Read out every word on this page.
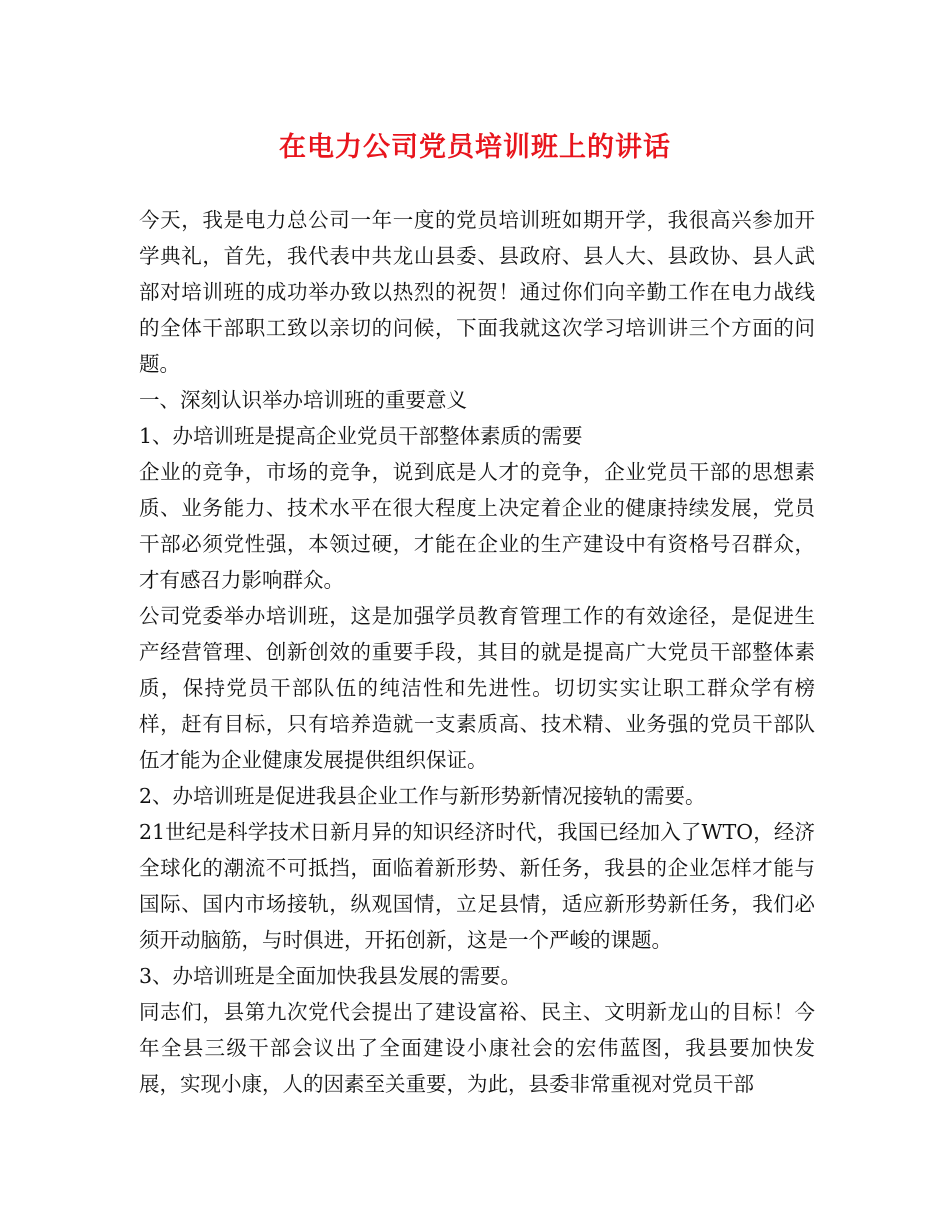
在电力公司党员培训班上的讲话

今天，我是电力总公司一年一度的党员培训班如期开学，我很高兴参加开学典礼，首先，我代表中共龙山县委、县政府、县人大、县政协、县人武部对培训班的成功举办致以热烈的祝贺！通过你们向辛勤工作在电力战线的全体干部职工致以亲切的问候，下面我就这次学习培训讲三个方面的问题。

一、深刻认识举办培训班的重要意义

1、办培训班是提高企业党员干部整体素质的需要

企业的竞争，市场的竞争，说到底是人才的竞争，企业党员干部的思想素质、业务能力、技术水平在很大程度上决定着企业的健康持续发展，党员干部必须党性强，本领过硬，才能在企业的生产建设中有资格号召群众，才有感召力影响群众。

公司党委举办培训班，这是加强学员教育管理工作的有效途径，是促进生产经营管理、创新创效的重要手段，其目的就是提高广大党员干部整体素质，保持党员干部队伍的纯洁性和先进性。切切实实让职工群众学有榜样，赶有目标，只有培养造就一支素质高、技术精、业务强的党员干部队伍才能为企业健康发展提供组织保证。

2、办培训班是促进我县企业工作与新形势新情况接轨的需要。

21世纪是科学技术日新月异的知识经济时代，我国已经加入了WTO，经济全球化的潮流不可抵挡，面临着新形势、新任务，我县的企业怎样才能与国际、国内市场接轨，纵观国情，立足县情，适应新形势新任务，我们必须开动脑筋，与时俱进，开拓创新，这是一个严峻的课题。

3、办培训班是全面加快我县发展的需要。

同志们，县第九次党代会提出了建设富裕、民主、文明新龙山的目标！今年全县三级干部会议出了全面建设小康社会的宏伟蓝图，我县要加快发展，实现小康，人的因素至关重要，为此，县委非常重视对党员干部
